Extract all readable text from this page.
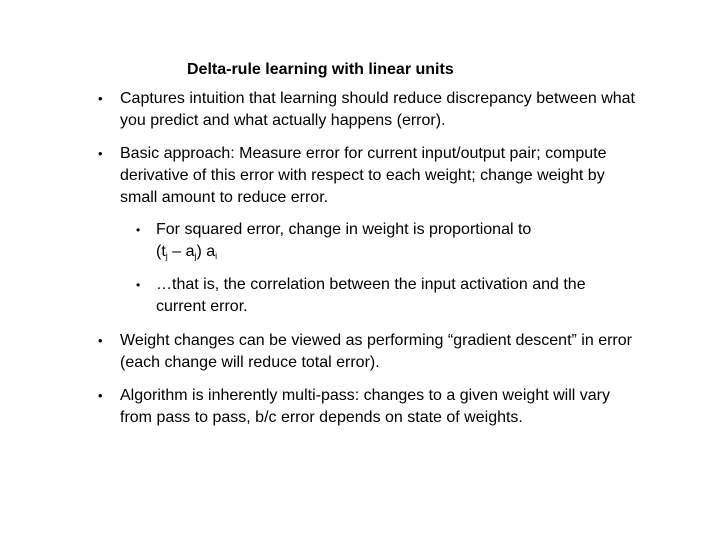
Delta-rule learning with linear units
• Captures intuition that learning should reduce discrepancy between what you predict and what actually happens (error).
• Basic approach: Measure error for current input/output pair; compute derivative of this error with respect to each weight; change weight by small amount to reduce error.
• For squared error, change in weight is proportional to
$(t_j - a_j)$ $a_i$
• …that is, the correlation between the input activation and the current error.
• Weight changes can be viewed as performing “gradient descent” in error (each change will reduce total error).
• Algorithm is inherently multi-pass: changes to a given weight will vary from pass to pass, b/c error depends on state of weights.
